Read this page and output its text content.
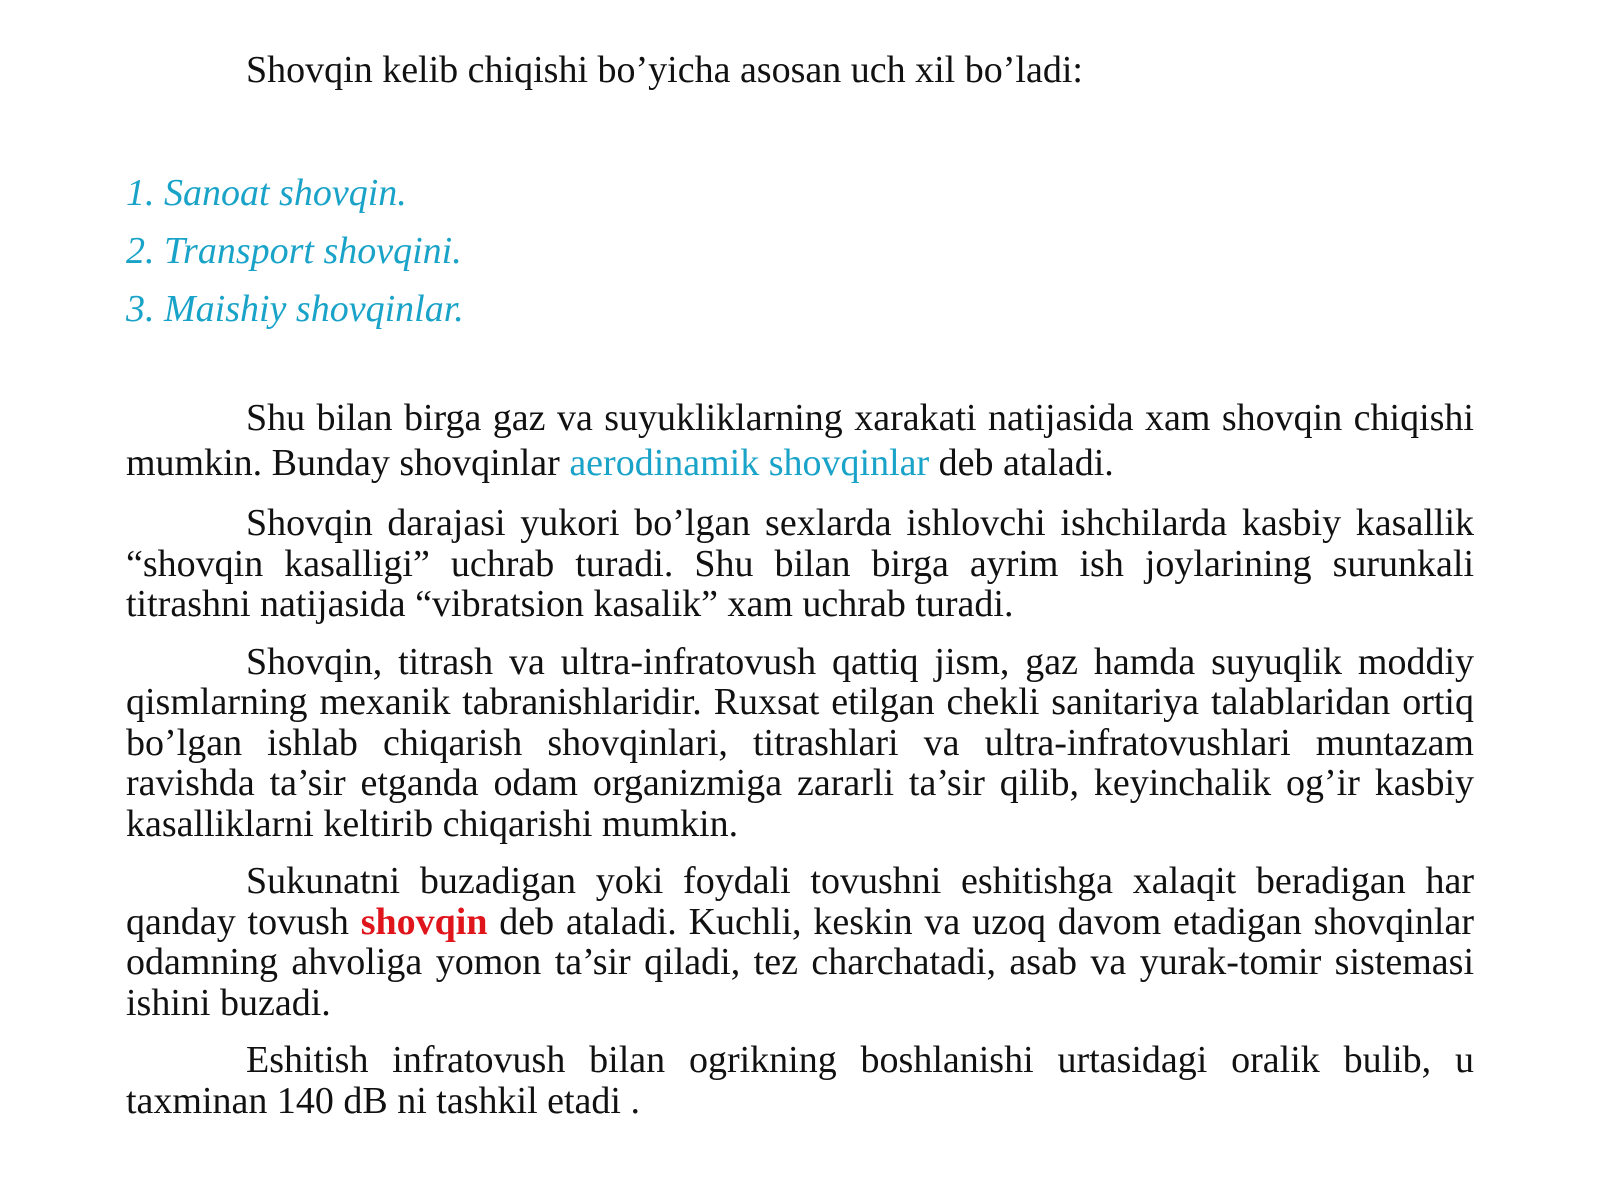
Shovqin kelib chiqishi bo’yicha asosan uch xil bo’ladi:
1. Sanoat shovqin.
2. Transport shovqini.
3. Maishiy shovqinlar.

Shu bilan birga gaz va suyukliklarning xarakati natijasida xam shovqin chiqishi mumkin. Bunday shovqinlar aerodinamik shovqinlar deb ataladi.

Shovqin darajasi yukori bo’lgan sexlarda ishlovchi ishchilarda kasbiy kasallik “shovqin kasalligi” uchrab turadi. Shu bilan birga ayrim ish joylarining surunkali titrashni natijasida “vibratsion kasalik” xam uchrab turadi.

Shovqin, titrash va ultra-infratovush qattiq jism, gaz hamda suyuqlik moddiy qismlarning mexanik tabranishlaridir. Ruxsat etilgan chekli sanitariya talablaridan ortiq bo’lgan ishlab chiqarish shovqinlari, titrashlari va ultra-infratovushlari muntazam ravishda ta’sir etganda odam organizmiga zararli ta’sir qilib, keyinchalik og’ir kasbiy kasalliklarni keltirib chiqarishi mumkin.

Sukunatni buzadigan yoki foydali tovushni eshitishga xalaqit beradigan har qanday tovush shovqin deb ataladi. Kuchli, keskin va uzoq davom etadigan shovqinlar odamning ahvoliga yomon ta’sir qiladi, tez charchatadi, asab va yurak-tomir sistemasi ishini buzadi.

Eshitish infratovush bilan ogrikning boshlanishi urtasidagi oralik bulib, u taxminan 140 dB ni tashkil etadi .
